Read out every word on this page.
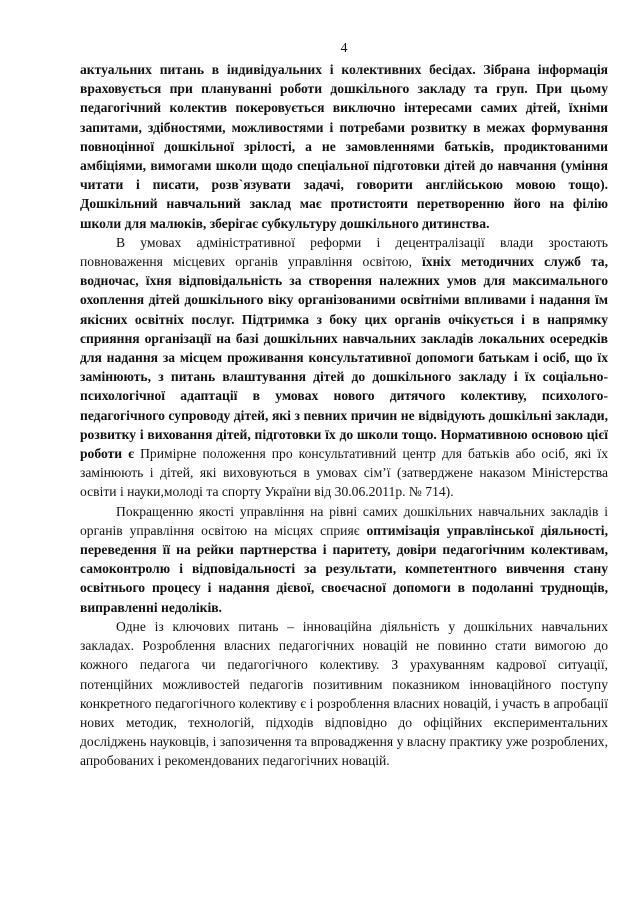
4

актуальних питань в індивідуальних і колективних бесідах. Зібрана інформація враховується при плануванні роботи дошкільного закладу та груп. При цьому педагогічний колектив покеровується виключно інтересами самих дітей, їхніми запитами, здібностями, можливостями і потребами розвитку в межах формування повноцінної дошкільної зрілості, а не замовленнями батьків, продиктованими амбіціями, вимогами школи щодо спеціальної підготовки дітей до навчання (уміння читати і писати, розв`язувати задачі, говорити англійською мовою тощо). Дошкільний навчальний заклад має протистояти перетворенню його на філію школи для малюків, зберігає субкультуру дошкільного дитинства.

В умовах адміністративної реформи і децентралізації влади зростають повноваження місцевих органів управління освітою, їхніх методичних служб та, водночас, їхня відповідальність за створення належних умов для максимального охоплення дітей дошкільного віку організованими освітніми впливами і надання їм якісних освітніх послуг. Підтримка з боку цих органів очікується і в напрямку сприяння організації на базі дошкільних навчальних закладів локальних осередків для надання за місцем проживання консультативної допомоги батькам і осіб, що їх замінюють, з питань влаштування дітей до дошкільного закладу і їх соціально-психологічної адаптації в умовах нового дитячого колективу, психолого-педагогічного супроводу дітей, які з певних причин не відвідують дошкільні заклади, розвитку і виховання дітей, підготовки їх до школи тощо. Нормативною основою цієї роботи є Примірне положення про консультативний центр для батьків або осіб, які їх замінюють і дітей, які виховуються в умовах сім’ї (затверджене наказом Міністерства освіти і науки,молоді та спорту України від 30.06.2011р. № 714).

Покращенню якості управління на рівні самих дошкільних навчальних закладів і органів управління освітою на місцях сприяє оптимізація управлінської діяльності, переведення її на рейки партнерства і паритету, довіри педагогічним колективам, самоконтролю і відповідальності за результати, компетентного вивчення стану освітнього процесу і надання дієвої, своєчасної допомоги в подоланні труднощів, виправленні недоліків.

Одне із ключових питань – інноваційна діяльність у дошкільних навчальних закладах. Розроблення власних педагогічних новацій не повинно стати вимогою до кожного педагога чи педагогічного колективу. З урахуванням кадрової ситуації, потенційних можливостей педагогів позитивним показником інноваційного поступу конкретного педагогічного колективу є і розроблення власних новацій, і участь в апробації нових методик, технологій, підходів відповідно до офіційних експериментальних досліджень науковців, і запозичення та впровадження у власну практику уже розроблених, апробованих і рекомендованих педагогічних новацій.
